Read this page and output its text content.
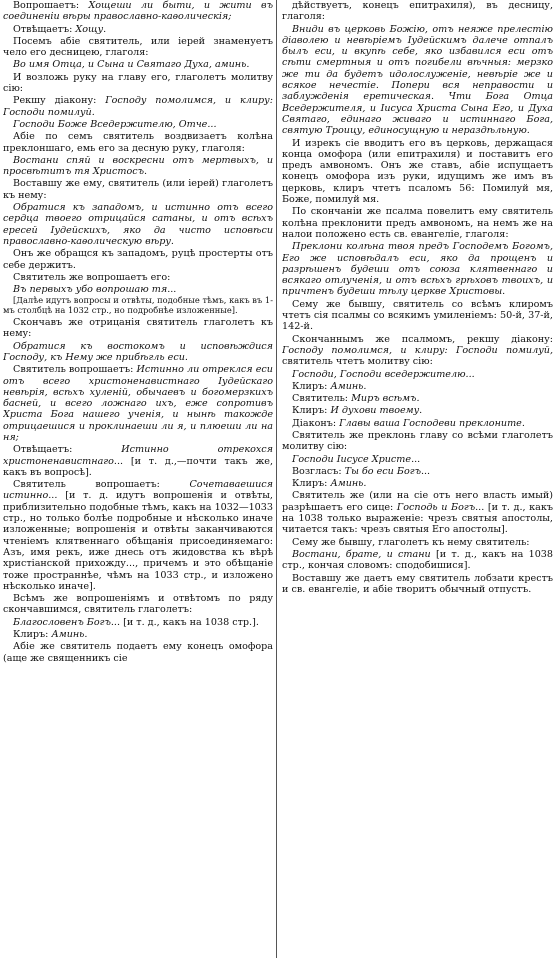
Вопрошаетъ: Хощеши ли быти, и жити въ соединеніи вѣры православно-каѳолическія;

Отвѣщаетъ: Хощу.

Посемъ абіе святитель, или іерей знаменуетъ чело его десницею, глаголя:

Во имя Отца, и Сына и Святаго Духа, аминь.

И возложь руку на главу его, глаголетъ молитву сію:

Рекшу діакону: Господу помолимся, и клиру: Господи помилуй.

Господи Боже Вседержителю, Отче...

Абіе по семъ святитель воздвизаетъ колѣна преклоншаго, емь его за десную руку, глаголя:

Востани спяй и воскресни отъ мертвыхъ, и просвѣтитъ тя Христосъ.

Воставшу же ему, святитель (или іерей) глаголетъ къ нему:

Обратися къ западомъ, и истинно отъ всего сердца твоего отрицайся сатаны, и отъ всѣхъ ересей Іудейскихъ, яко да чисто исповѣси православно-каѳолическую вѣру.

Онъ же обращся къ западомъ, руцѣ простерты отъ себе держитъ.

Святитель же вопрошаетъ его:

Въ первыхъ убо вопрошаю тя...

[Далѣе идутъ вопросы и отвѣты, подобные тѣмъ, какъ въ 1-мъ столбцѣ на 1032 стр., но подробнѣе изложенные].

Скончавъ же отрицанія святитель глаголетъ къ нему:

Обратися къ востокомъ и исповѣждися Господу, къ Нему же прибѣгль еси.

Святитель вопрошаетъ: Истинно ли отреклся еси отъ всего христоненавистнаго Іудейскаго невѣрія, всѣхъ хуленій, обычаевъ и богомерзкихъ басней, и всего ложнаго ихъ, еже сопротивъ Христа Бога нашего ученія, и нынѣ такожде отрицаешися и проклинаеши ли я, и плюеши ли на ня;

Отвѣщаетъ:	Истинно отрекохся христоненавистнаго... [и т. д.,—почти такъ же, какъ въ вопросѣ].

Святитель вопрошаетъ:	Сочетаваешися истинно... [и т. д. идутъ вопрошенія и отвѣты, приблизительно подобные тѣмъ, какъ на 1032—1033 стр., но только болѣе подробные и нѣсколько иначе изложенные; вопрошенія и отвѣты заканчиваются чтеніемъ клятвеннаго обѣщанія присоединяемаго: Азъ, имя рекъ, иже днесь отъ жидовства къ вѣрѣ христіанской прихожду..., причемъ и это обѣщаніе тоже пространнѣе, чѣмъ на 1033 стр., и изложено нѣсколько иначе].

Всѣмъ же вопрошеніямъ и отвѣтомъ по ряду скончавшимся, святитель глаголетъ:

Благословенъ Богъ... [и т. д., какъ на 1038 стр.].

Клиръ: Аминь.

Абіе же святитель подаетъ ему конецъ омофора (аще же священникъ сіе

дѣйствуетъ, конецъ епитрахиля), въ десницу, глаголя:

Вниди въ церковь Божію, отъ неяже прелестію діаволею и невѣріемъ Іудейскимъ далече отпалъ былъ еси, и вкупѣ себе, яко избавился еси отъ сѣти смертныя и отъ погибели вѣчныя: мерзко же ти да будетъ идолослуженіе, невѣріе же и всякое нечестіе. Попери вся неправости и заблужденія еретическая. Чти Бога Отца Вседержителя, и Іисуса Христа Сына Его, и Духа Святаго, единаго живаго и истиннаго Бога, святую Троицу, единосущную и нераздѣльную.

И изрекъ сіе вводитъ его въ церковь, держащася конца омофора (или епитрахиля) и поставитъ его предъ амвономъ. Онъ же ставъ, абіе испущаетъ конецъ омофора изъ руки, идущимъ же имъ въ церковь, клиръ чтетъ псаломъ 56: Помилуй мя, Боже, помилуй мя.

По скончаніи же псалма повелитъ ему святитель колѣна преклонити предъ амвономъ, на немъ же на налои положено есть св. евангеліе, глаголя:

Преклони колѣна твоя предъ Господемъ Богомъ, Его же исповѣдалъ еси, яко да прощенъ и разрѣшенъ будеши отъ союза клятвеннаго и всякаго отлученія, и отъ всѣхъ грѣховъ твоихъ, и причтенъ будеши тѣлу церкве Христовы.

Сему же бывшу, святитель со всѣмъ клиромъ чтетъ сія псалмы со всякимъ умиленіемъ: 50-й, 37-й, 142-й.

Скончаннымъ же псалмомъ, рекшу діакону: Господу помолимся, и клиру: Господи помилуй, святитель чтетъ молитву сію:

Господи, Господи вседержителю...

Клиръ: Аминь.

Святитель: Миръ всѣмъ.

Клиръ: И духови твоему.

Діаконъ: Главы ваша Господеви преклоните.

Святитель же преклонь главу со всѣми глаголетъ молитву сію:

Господи Іисусе Христе...

Возгласъ: Ты бо еси Богъ...

Клиръ: Аминь.

Святитель же (или на сіе отъ него власть имый) разрѣшаетъ его сице: Господь и Богъ... [и т. д., какъ на 1038 только выраженіе: чрезъ святыя апостолы, читается такъ: чрезъ святыя Его апостолы].

Сему же бывшу, глаголетъ къ нему святитель:

Востани, брате, и стани [и т. д., какъ на 1038 стр., кончая словомъ: сподобишися].

Воставшу же даетъ ему святитель лобзати крестъ и св. евангеліе, и абіе творитъ обычный отпустъ.
